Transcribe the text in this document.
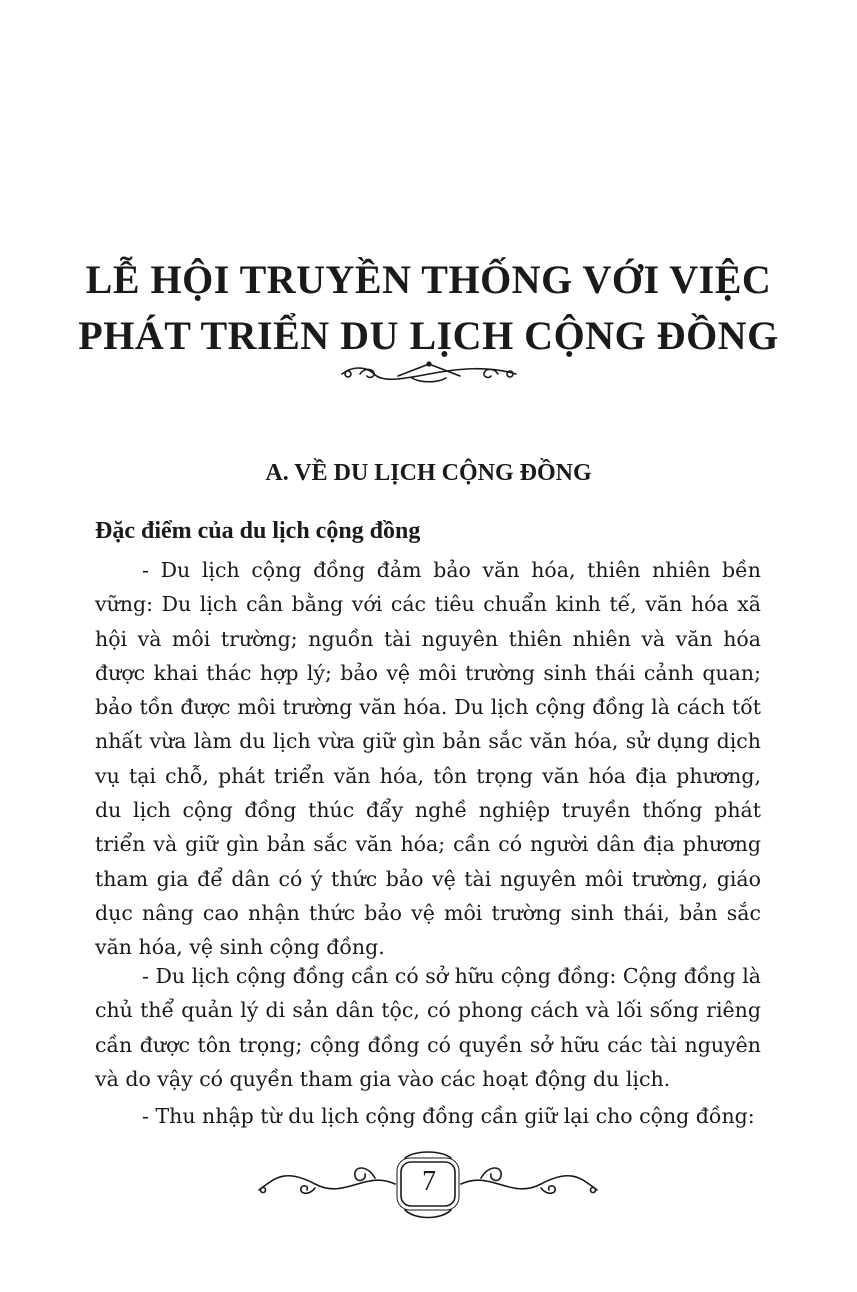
LỄ HỘI TRUYỀN THỐNG VỚI VIỆC
PHÁT TRIỂN DU LỊCH CỘNG ĐỒNG
A. VỀ DU LỊCH CỘNG ĐỒNG
Đặc điểm của du lịch cộng đồng

- Du lịch cộng đồng đảm bảo văn hóa, thiên nhiên bền vững: Du lịch cân bằng với các tiêu chuẩn kinh tế, văn hóa xã hội và môi trường; nguồn tài nguyên thiên nhiên và văn hóa được khai thác hợp lý; bảo vệ môi trường sinh thái cảnh quan; bảo tồn được môi trường văn hóa. Du lịch cộng đồng là cách tốt nhất vừa làm du lịch vừa giữ gìn bản sắc văn hóa, sử dụng dịch vụ tại chỗ, phát triển văn hóa, tôn trọng văn hóa địa phương, du lịch cộng đồng thúc đẩy nghề nghiệp truyền thống phát triển và giữ gìn bản sắc văn hóa; cần có người dân địa phương tham gia để dân có ý thức bảo vệ tài nguyên môi trường, giáo dục nâng cao nhận thức bảo vệ môi trường sinh thái, bản sắc văn hóa, vệ sinh cộng đồng.

- Du lịch cộng đồng cần có sở hữu cộng đồng: Cộng đồng là chủ thể quản lý di sản dân tộc, có phong cách và lối sống riêng cần được tôn trọng; cộng đồng có quyền sở hữu các tài nguyên và do vậy có quyền tham gia vào các hoạt động du lịch.

- Thu nhập từ du lịch cộng đồng cần giữ lại cho cộng đồng:

7
